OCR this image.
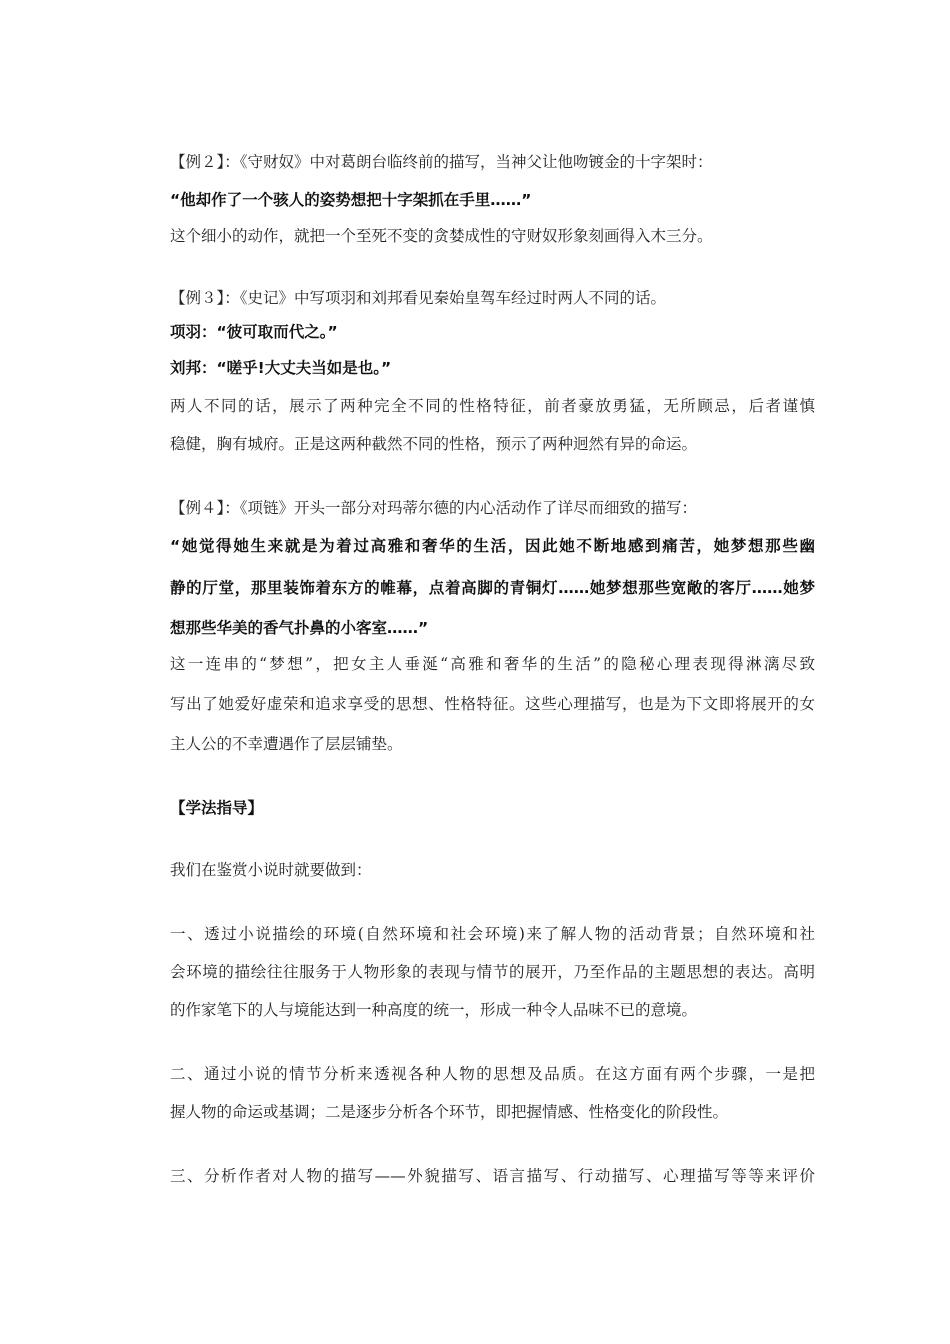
【例２】：《守财奴》中对葛朗台临终前的描写，当神父让他吻镀金的十字架时：
“他却作了一个骇人的姿势想把十字架抓在手里……”
这个细小的动作，就把一个至死不变的贪婪成性的守财奴形象刻画得入木三分。
【例３】：《史记》中写项羽和刘邦看见秦始皇驾车经过时两人不同的话。
项羽：“彼可取而代之。”
刘邦：“嗟乎!大丈夫当如是也。”
两人不同的话，展示了两种完全不同的性格特征，前者豪放勇猛，无所顾忌，后者谨慎
稳健，胸有城府。正是这两种截然不同的性格，预示了两种迥然有异的命运。
【例４】：《项链》开头一部分对玛蒂尔德的内心活动作了详尽而细致的描写：
“她觉得她生来就是为着过高雅和奢华的生活，因此她不断地感到痛苦，她梦想那些幽
静的厅堂，那里装饰着东方的帷幕，点着高脚的青铜灯……她梦想那些宽敞的客厅……她梦
想那些华美的香气扑鼻的小客室……”
这一连串的“梦想”，把女主人垂涎“高雅和奢华的生活”的隐秘心理表现得淋漓尽致
写出了她爱好虚荣和追求享受的思想、性格特征。这些心理描写，也是为下文即将展开的女
主人公的不幸遭遇作了层层铺垫。
【学法指导】
我们在鉴赏小说时就要做到：
一、透过小说描绘的环境(自然环境和社会环境)来了解人物的活动背景；自然环境和社
会环境的描绘往往服务于人物形象的表现与情节的展开，乃至作品的主题思想的表达。高明
的作家笔下的人与境能达到一种高度的统一，形成一种令人品味不已的意境。
二、通过小说的情节分析来透视各种人物的思想及品质。在这方面有两个步骤，一是把
握人物的命运或基调；二是逐步分析各个环节，即把握情感、性格变化的阶段性。
三、分析作者对人物的描写——外貌描写、语言描写、行动描写、心理描写等等来评价
